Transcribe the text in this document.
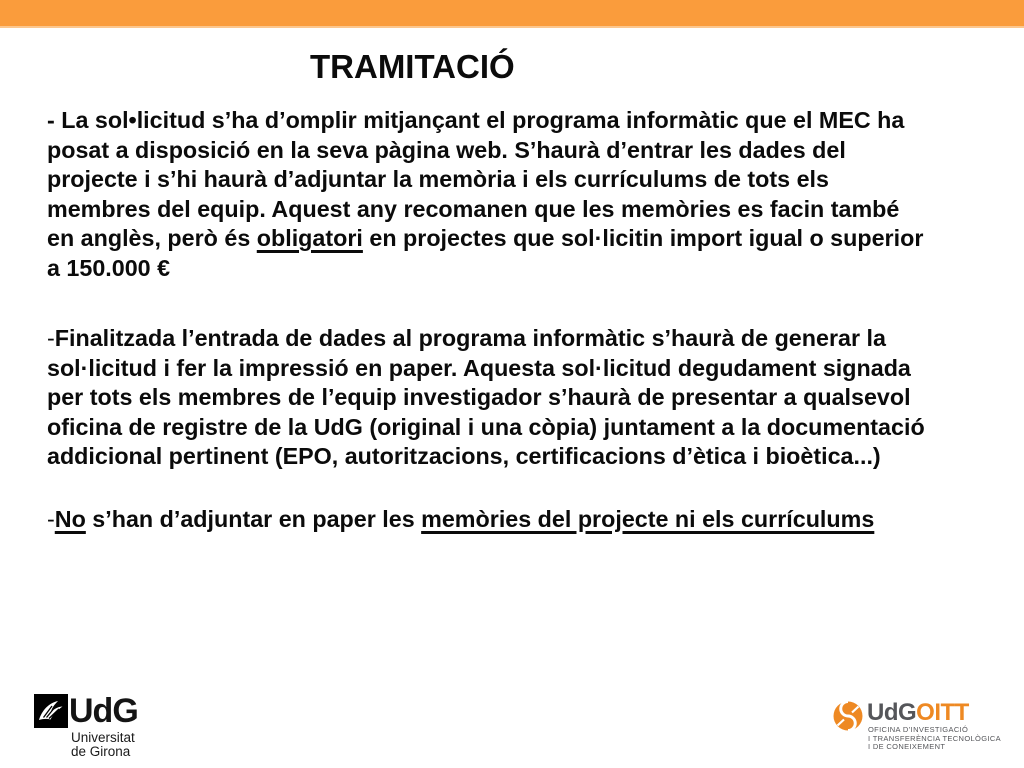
TRAMITACIÓ

- La sol•licitud s’ha d’omplir mitjançant el programa informàtic que el MEC ha posat a disposició en la seva pàgina web. S’haurà d’entrar les dades del projecte i s’hi haurà d’adjuntar la memòria i els currículums de tots els membres del equip. Aquest any recomanen que les memòries es facin també en anglès, però és obligatori en projectes que sol·licitin import igual o superior a 150.000 €

-Finalitzada l’entrada de dades al programa informàtic s’haurà de generar la sol·licitud i fer la impressió en paper. Aquesta sol·licitud degudament signada per tots els membres de l’equip investigador s’haurà de presentar a qualsevol oficina de registre de la UdG (original i una còpia) juntament a la documentació addicional pertinent (EPO, autoritzacions, certificacions d’ètica i bioètica...)

-No s’han d’adjuntar en paper les memòries del projecte ni els currículums

UdG
Universitat
de Girona
UdGOITT
OFICINA D’INVESTIGACIÓ
I TRANSFERÈNCIA TECNOLÒGICA
I DE CONEIXEMENT
